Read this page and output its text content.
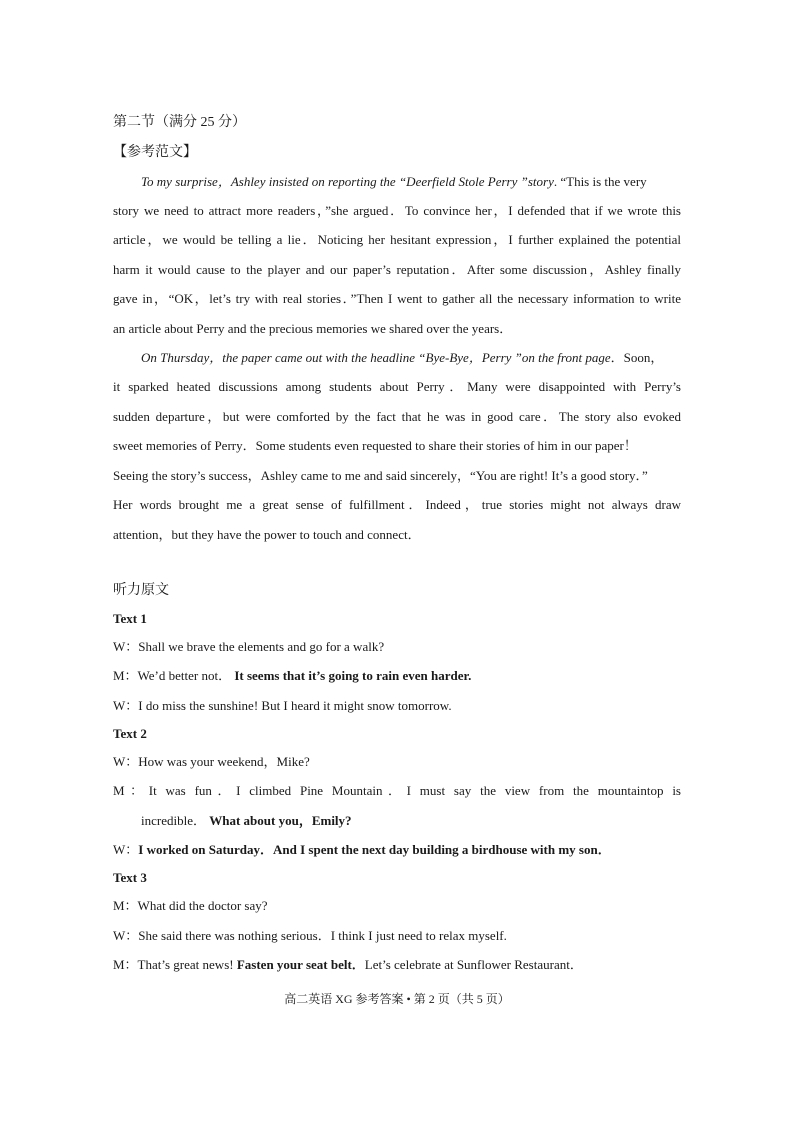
第二节（满分 25 分）
【参考范文】
To my surprise，Ashley insisted on reporting the “Deerfield Stole Perry ”story. “This is the very
story we need to attract more readers，”she argued．To convince her，I defended that if we wrote this
article，we would be telling a lie．Noticing her hesitant expression，I further explained the potential
harm it would cause to the player and our paper’s reputation．After some discussion，Ashley finally
gave in，“OK，let’s try with real stories．”Then I went to gather all the necessary information to write
an article about Perry and the precious memories we shared over the years．
On Thursday，the paper came out with the headline “Bye-Bye，Perry ”on the front page．Soon，
it sparked heated discussions among students about Perry．Many were disappointed with Perry’s
sudden departure，but were comforted by the fact that he was in good care．The story also evoked
sweet memories of Perry．Some students even requested to share their stories of him in our paper！
Seeing the story’s success，Ashley came to me and said sincerely，“You are right! It’s a good story．”
Her words brought me a great sense of fulfillment．Indeed，true stories might not always draw
attention，but they have the power to touch and connect．
听力原文
Text 1
W：Shall we brave the elements and go for a walk?
M：We’d better not． It seems that it’s going to rain even harder.
W：I do miss the sunshine! But I heard it might snow tomorrow.
Text 2
W：How was your weekend，Mike?
M：It was fun．I climbed Pine Mountain．I must say the view from the mountaintop is
incredible． What about you，Emily?
W：I worked on Saturday．And I spent the next day building a birdhouse with my son．
Text 3
M：What did the doctor say?
W：She said there was nothing serious．I think I just need to relax myself.
M：That’s great news! Fasten your seat belt．Let’s celebrate at Sunflower Restaurant．
高二英语 XG 参考答案 • 第 2 页（共 5 页）
